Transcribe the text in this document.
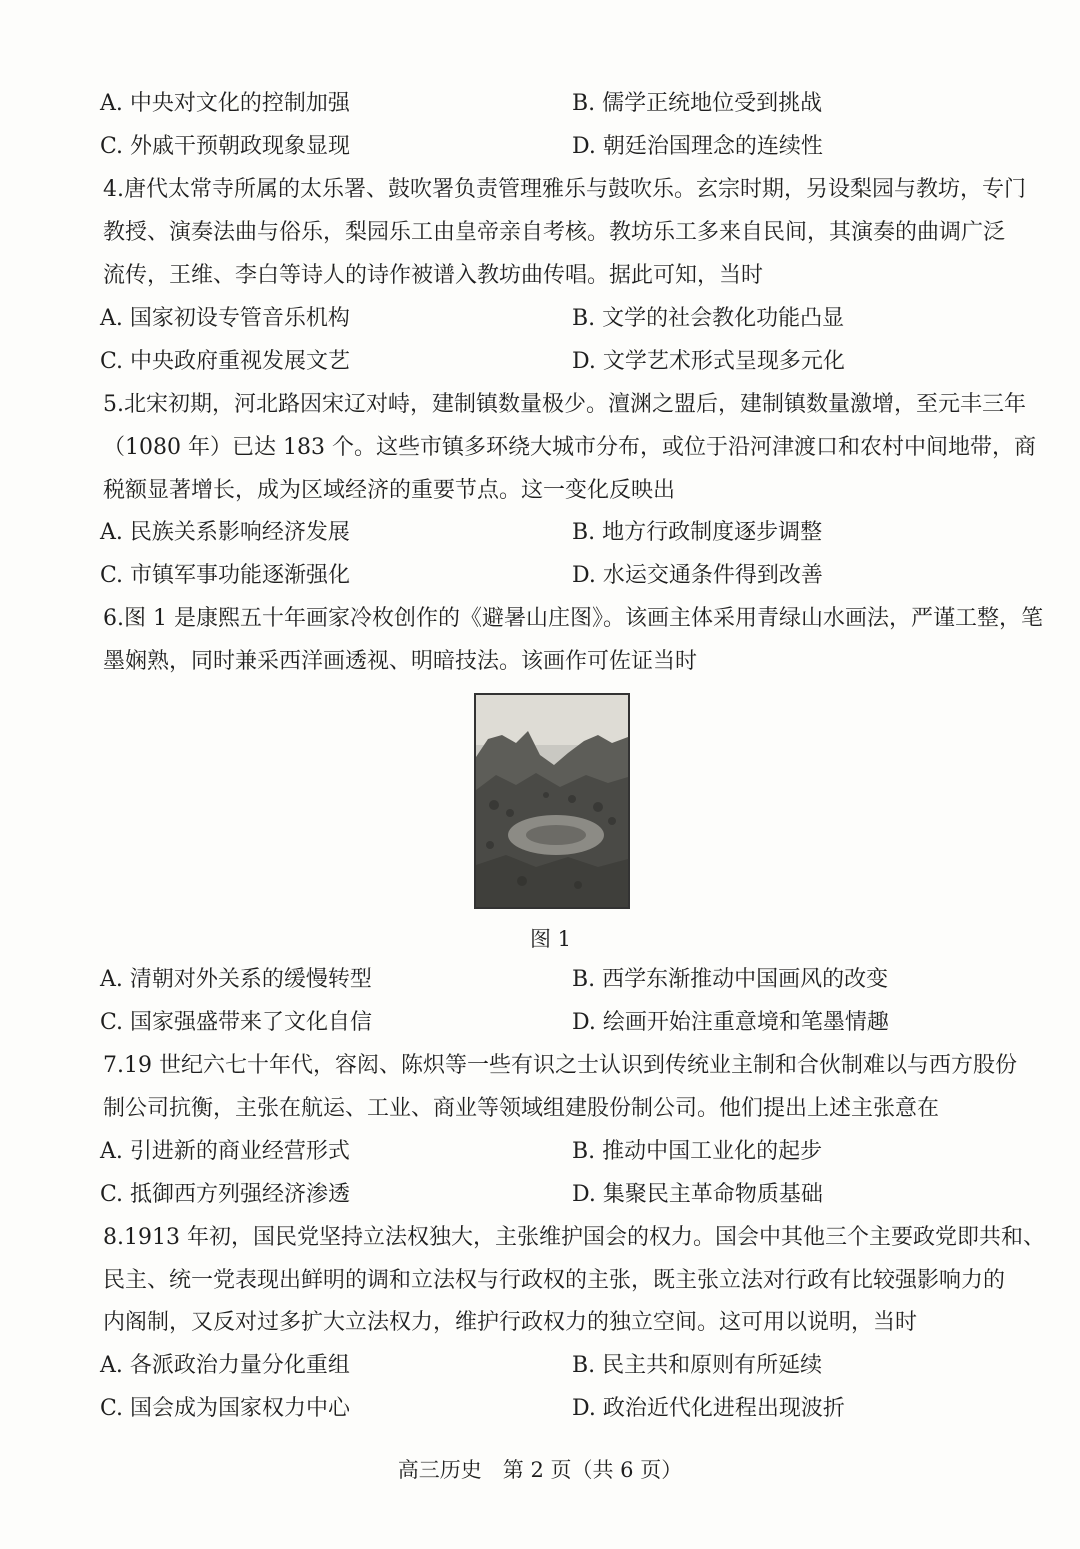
A. 中央对文化的控制加强	B. 儒学正统地位受到挑战
C. 外戚干预朝政现象显现	D. 朝廷治国理念的连续性
4.唐代太常寺所属的太乐署、鼓吹署负责管理雅乐与鼓吹乐。玄宗时期，另设梨园与教坊，专门
教授、演奏法曲与俗乐，梨园乐工由皇帝亲自考核。教坊乐工多来自民间，其演奏的曲调广泛
流传，王维、李白等诗人的诗作被谱入教坊曲传唱。据此可知，当时
A. 国家初设专管音乐机构	B. 文学的社会教化功能凸显
C. 中央政府重视发展文艺	D. 文学艺术形式呈现多元化
5.北宋初期，河北路因宋辽对峙，建制镇数量极少。澶渊之盟后，建制镇数量激增，至元丰三年
（1080 年）已达 183 个。这些市镇多环绕大城市分布，或位于沿河津渡口和农村中间地带，商
税额显著增长，成为区域经济的重要节点。这一变化反映出
A. 民族关系影响经济发展	B. 地方行政制度逐步调整
C. 市镇军事功能逐渐强化	D. 水运交通条件得到改善
6.图 1 是康熙五十年画家冷枚创作的《避暑山庄图》。该画主体采用青绿山水画法，严谨工整，笔
墨娴熟，同时兼采西洋画透视、明暗技法。该画作可佐证当时
图 1
A. 清朝对外关系的缓慢转型	B. 西学东渐推动中国画风的改变
C. 国家强盛带来了文化自信	D. 绘画开始注重意境和笔墨情趣
7.19 世纪六七十年代，容闳、陈炽等一些有识之士认识到传统业主制和合伙制难以与西方股份
制公司抗衡，主张在航运、工业、商业等领域组建股份制公司。他们提出上述主张意在
A. 引进新的商业经营形式	B. 推动中国工业化的起步
C. 抵御西方列强经济渗透	D. 集聚民主革命物质基础
8.1913 年初，国民党坚持立法权独大，主张维护国会的权力。国会中其他三个主要政党即共和、
民主、统一党表现出鲜明的调和立法权与行政权的主张，既主张立法对行政有比较强影响力的
内阁制，又反对过多扩大立法权力，维护行政权力的独立空间。这可用以说明，当时
A. 各派政治力量分化重组	B. 民主共和原则有所延续
C. 国会成为国家权力中心	D. 政治近代化进程出现波折
高三历史　第 2 页（共 6 页）
